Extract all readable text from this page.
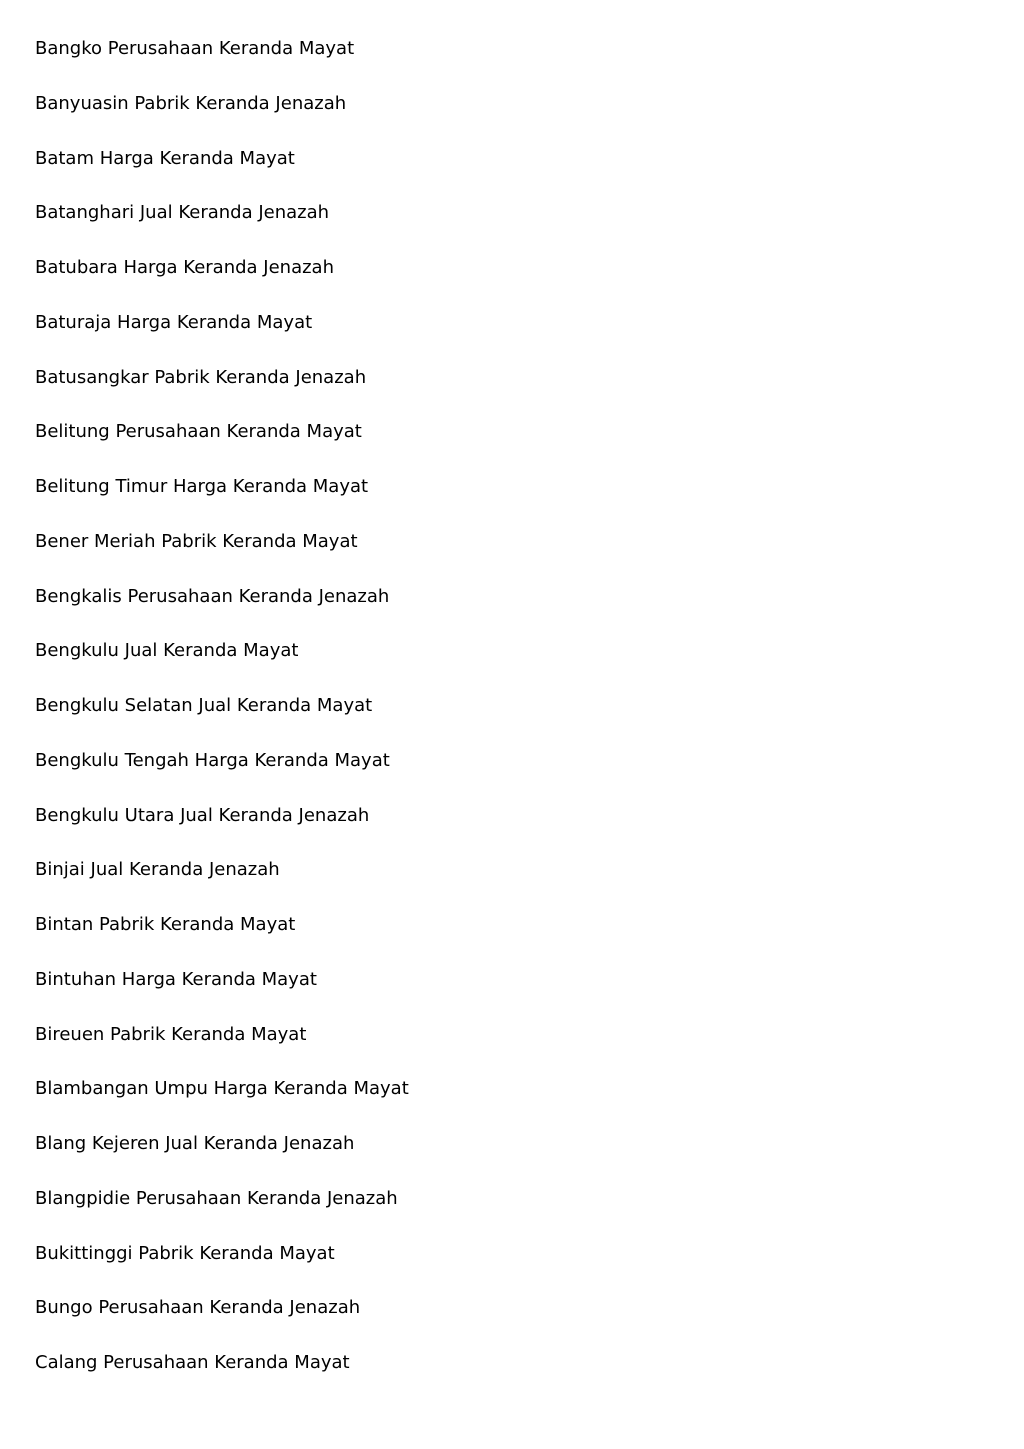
Bangko Perusahaan Keranda Mayat
Banyuasin Pabrik Keranda Jenazah
Batam Harga Keranda Mayat
Batanghari Jual Keranda Jenazah
Batubara Harga Keranda Jenazah
Baturaja Harga Keranda Mayat
Batusangkar Pabrik Keranda Jenazah
Belitung Perusahaan Keranda Mayat
Belitung Timur Harga Keranda Mayat
Bener Meriah Pabrik Keranda Mayat
Bengkalis Perusahaan Keranda Jenazah
Bengkulu Jual Keranda Mayat
Bengkulu Selatan Jual Keranda Mayat
Bengkulu Tengah Harga Keranda Mayat
Bengkulu Utara Jual Keranda Jenazah
Binjai Jual Keranda Jenazah
Bintan Pabrik Keranda Mayat
Bintuhan Harga Keranda Mayat
Bireuen Pabrik Keranda Mayat
Blambangan Umpu Harga Keranda Mayat
Blang Kejeren Jual Keranda Jenazah
Blangpidie Perusahaan Keranda Jenazah
Bukittinggi Pabrik Keranda Mayat
Bungo Perusahaan Keranda Jenazah
Calang Perusahaan Keranda Mayat
